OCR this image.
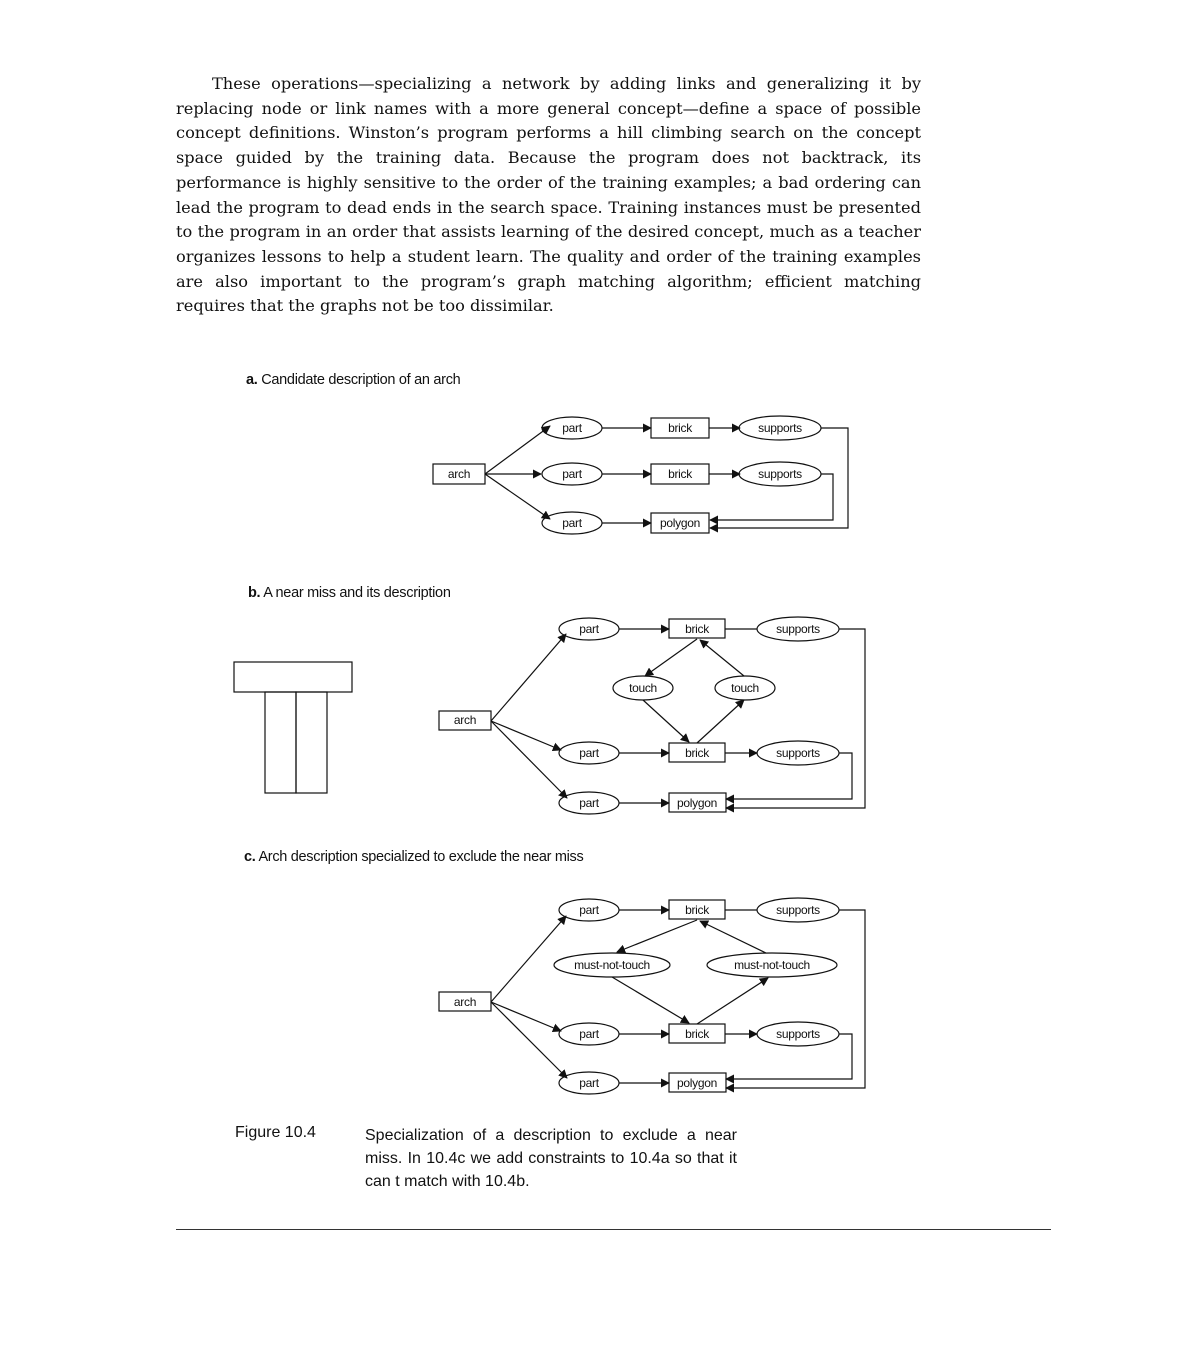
These operations—specializing a network by adding links and generalizing it by replacing node or link names with a more general concept—define a space of possible concept definitions. Winston’s program performs a hill climbing search on the concept space guided by the training data. Because the program does not backtrack, its performance is highly sensitive to the order of the training examples; a bad ordering can lead the program to dead ends in the search space. Training instances must be presented to the program in an order that assists learning of the desired concept, much as a teacher organizes lessons to help a student learn. The quality and order of the training examples are also important to the program’s graph matching algorithm; efficient matching requires that the graphs not be too dissimilar.

a. Candidate description of an arch
b. A near miss and its description
c. Arch description specialized to exclude the near miss
arch
part
part
part
brick
brick
polygon
supports
supports
arch
part
part
part
brick
brick
polygon
supports
supports
touch	touch
arch
part
part
part
brick
brick
polygon
supports
supports
must-not-touch	must-not-touch
Figure 10.4	Specialization of a description to exclude a near miss. In 10.4c we add constraints to 10.4a so that it can t match with 10.4b.
